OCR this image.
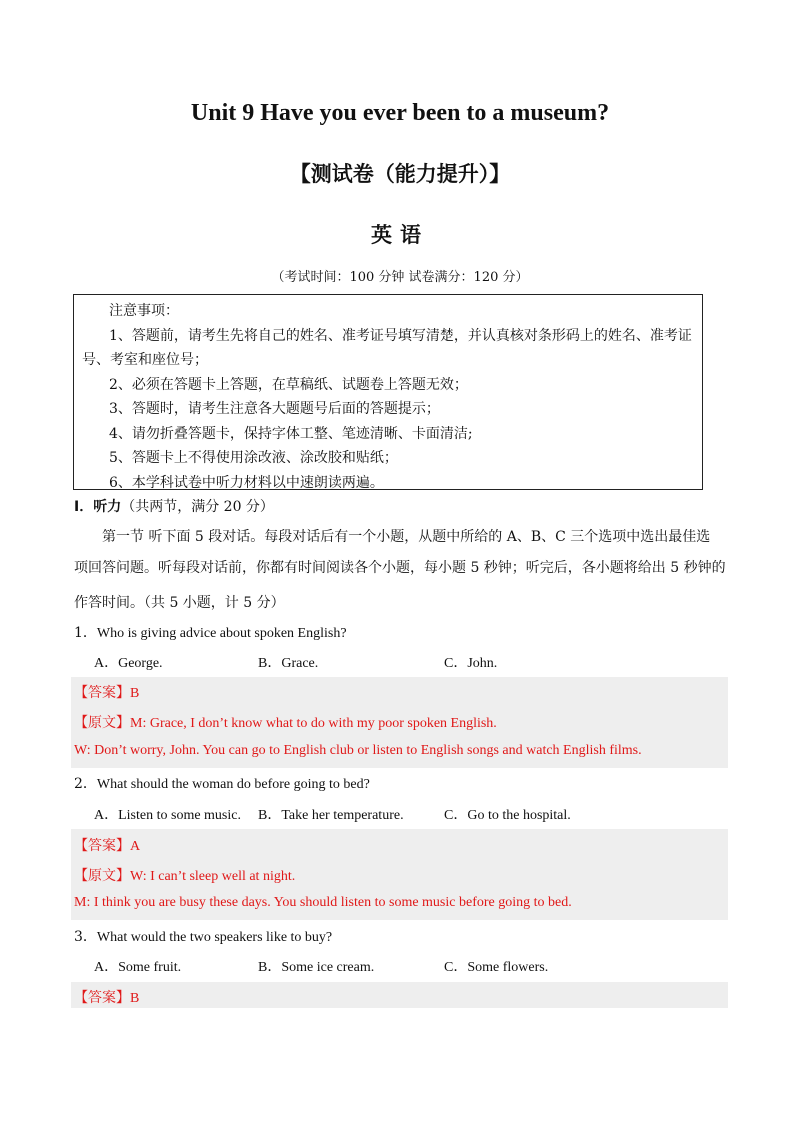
Unit 9 Have you ever been to a museum?
【测试卷（能力提升）】
英语
（考试时间：100 分钟 试卷满分：120 分）
注意事项：
1、答题前，请考生先将自己的姓名、准考证号填写清楚，并认真核对条形码上的姓名、准考证
号、考室和座位号；
2、必须在答题卡上答题，在草稿纸、试题卷上答题无效；
3、答题时，请考生注意各大题题号后面的答题提示；
4、请勿折叠答题卡，保持字体工整、笔迹清晰、卡面清洁;
5、答题卡上不得使用涂改液、涂改胶和贴纸；
6、本学科试卷中听力材料以中速朗读两遍。
I．听力（共两节，满分 20 分）
第一节 听下面 5 段对话。每段对话后有一个小题，从题中所给的 A、B、C 三个选项中选出最佳选
项回答问题。听每段对话前，你都有时间阅读各个小题，每小题 5 秒钟；听完后，各小题将给出 5 秒钟的
作答时间。（共 5 小题，计 5 分）
1．Who is giving advice about spoken English?
A．George.	B．Grace.	C．John.
【答案】B
【原文】M: Grace, I don’t know what to do with my poor spoken English.
W: Don’t worry, John. You can go to English club or listen to English songs and watch English films.
2．What should the woman do before going to bed?
A．Listen to some music. B．Take her temperature.	C．Go to the hospital.
【答案】A
【原文】W: I can’t sleep well at night.
M: I think you are busy these days. You should listen to some music before going to bed.
3．What would the two speakers like to buy?
A．Some fruit.	B．Some ice cream.	C．Some flowers.
【答案】B
